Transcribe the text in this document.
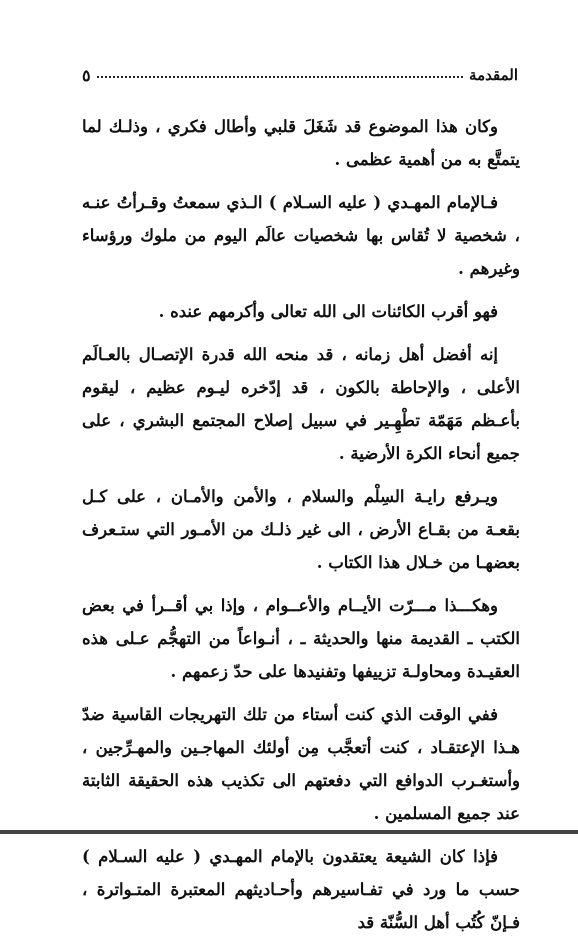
المقدمة
٥

وكان هذا الموضوع قد شَغَلَ قلبي وأطال فكري ، وذلـك لما يتمتَّع به من أهمية عظمى .

فـالإمام المهـدي ( عليه السـلام ) الـذي سمعتُ وقـرأتُ عنـه ، شخصية لا تُقاس بها شخصيات عالَم اليوم من ملوك ورؤساء وغيرهم .

فهو أقرب الكائنات الى الله تعالى وأكرمهم عنده .

إنه أفضل أهل زمانه ، قد منحه الله قدرة الإتصـال بالعـالَم الأعلى ، والإحاطة بالكون ، قد إدّخره ليـوم عظيم ، ليقوم بأعـظم مَهَمّة تطْهِـير في سبيل إصلاح المجتمع البشري ، على جميع أنحاء الكرة الأرضية .

ويـرفع رايـة السِلْم والسلام ، والأمن والأمـان ، على كـل بقعـة من بقـاع الأرض ، الى غير ذلـك من الأمـور التي ستـعرف بعضهـا من خـلال هذا الكتاب .

وهكـــذا مـــرّت الأيــام والأعــوام ، وإذا بي أقــرأ في بعض الكتب ـ القديمة منها والحديثة ـ ، أنـواعاً من التهجُّم عـلى هذه العقيـدة ومحاولـة تزييفها وتفنيدها على حدّ زعمهم .

ففي الوقت الذي كنت أستاء من تلك التهريجات القاسية ضدّ هـذا الإعتقـاد ، كنت أتعجَّب مِن أولئك المهاجـين والمهـرِّجين ، وأستغـرب الدوافع التي دفعتهم الى تكذيب هذه الحقيقة الثابتة عند جميع المسلمين .

فإذا كان الشيعة يعتقدون بالإمام المهـدي ( عليه السـلام ) حسب ما ورد في تفـاسيرهم وأحـاديثهم المعتبرة المتـواترة ، فـإنّ كُتُب أهل السُّنّة قد
